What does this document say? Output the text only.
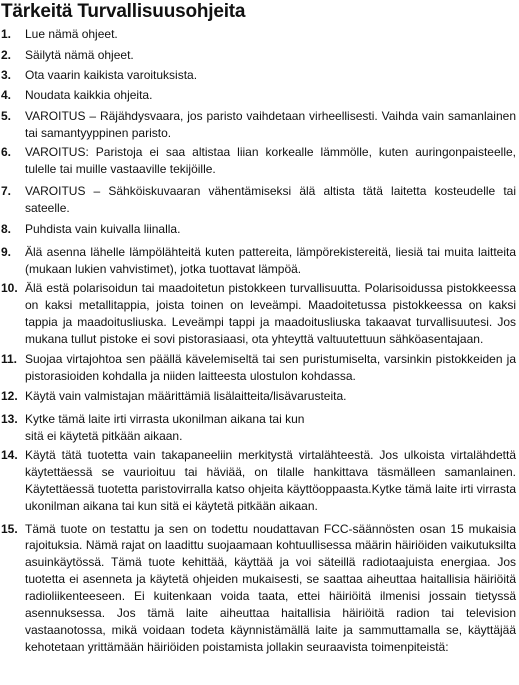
Tärkeitä Turvallisuusohjeita
1. Lue nämä ohjeet.
2. Säilytä nämä ohjeet.
3. Ota vaarin kaikista varoituksista.
4. Noudata kaikkia ohjeita.
5. VAROITUS – Räjähdysvaara, jos paristo vaihdetaan virheellisesti. Vaihda vain samanlainen tai samantyyppinen paristo.
6. VAROITUS: Paristoja ei saa altistaa liian korkealle lämmölle, kuten auringonpaisteelle, tulelle tai muille vastaaville tekijöille.
7. VAROITUS – Sähköiskuvaaran vähentämiseksi älä altista tätä laitetta kosteudelle tai sateelle.
8. Puhdista vain kuivalla liinalla.
9. Älä asenna lähelle lämpölähteitä kuten pattereita, lämpörekistereitä, liesiä tai muita laitteita (mukaan lukien vahvistimet), jotka tuottavat lämpöä.
10. Älä estä polarisoidun tai maadoitetun pistokkeen turvallisuutta. Polarisoidussa pistokkeessa on kaksi metallitappia, joista toinen on leveämpi. Maadoitetussa pistokkeessa on kaksi tappia ja maadoitusliuska. Leveämpi tappi ja maadoitusliuska takaavat turvallisuutesi. Jos mukana tullut pistoke ei sovi pistorasiaasi, ota yhteyttä valtuutettuun sähköasentajaan.
11. Suojaa virtajohtoa sen päällä kävelemiseltä tai sen puristumiselta, varsinkin pistokkeiden ja pistorasioiden kohdalla ja niiden laitteesta ulostulon kohdassa.
12. Käytä vain valmistajan määrittämiä lisälaitteita/lisävarusteita.
13. Kytke tämä laite irti virrasta ukonilman aikana tai kun sitä ei käytetä pitkään aikaan.
14. Käytä tätä tuotetta vain takapaneeliin merkitystä virtalähteestä. Jos ulkoista virtalähdettä käytettäessä se vaurioituu tai häviää, on tilalle hankittava täsmälleen samanlainen. Käytettäessä tuotetta paristovirralla katso ohjeita käyttöoppaasta.Kytke tämä laite irti virrasta ukonilman aikana tai kun sitä ei käytetä pitkään aikaan.
15. Tämä tuote on testattu ja sen on todettu noudattavan FCC-säännösten osan 15 mukaisia rajoituksia. Nämä rajat on laadittu suojaamaan kohtuullisessa määrin häiriöiden vaikutuksilta asuinkäytössä. Tämä tuote kehittää, käyttää ja voi säteillä radiotaajuista energiaa. Jos tuotetta ei asenneta ja käytetä ohjeiden mukaisesti, se saattaa aiheuttaa haitallisia häiriöitä radioliikenteeseen. Ei kuitenkaan voida taata, ettei häiriöitä ilmenisi jossain tietyssä asennuksessa. Jos tämä laite aiheuttaa haitallisia häiriöitä radion tai television vastaanotossa, mikä voidaan todeta käynnistämällä laite ja sammuttamalla se, käyttäjää kehotetaan yrittämään häiriöiden poistamista jollakin seuraavista toimenpiteistä:
